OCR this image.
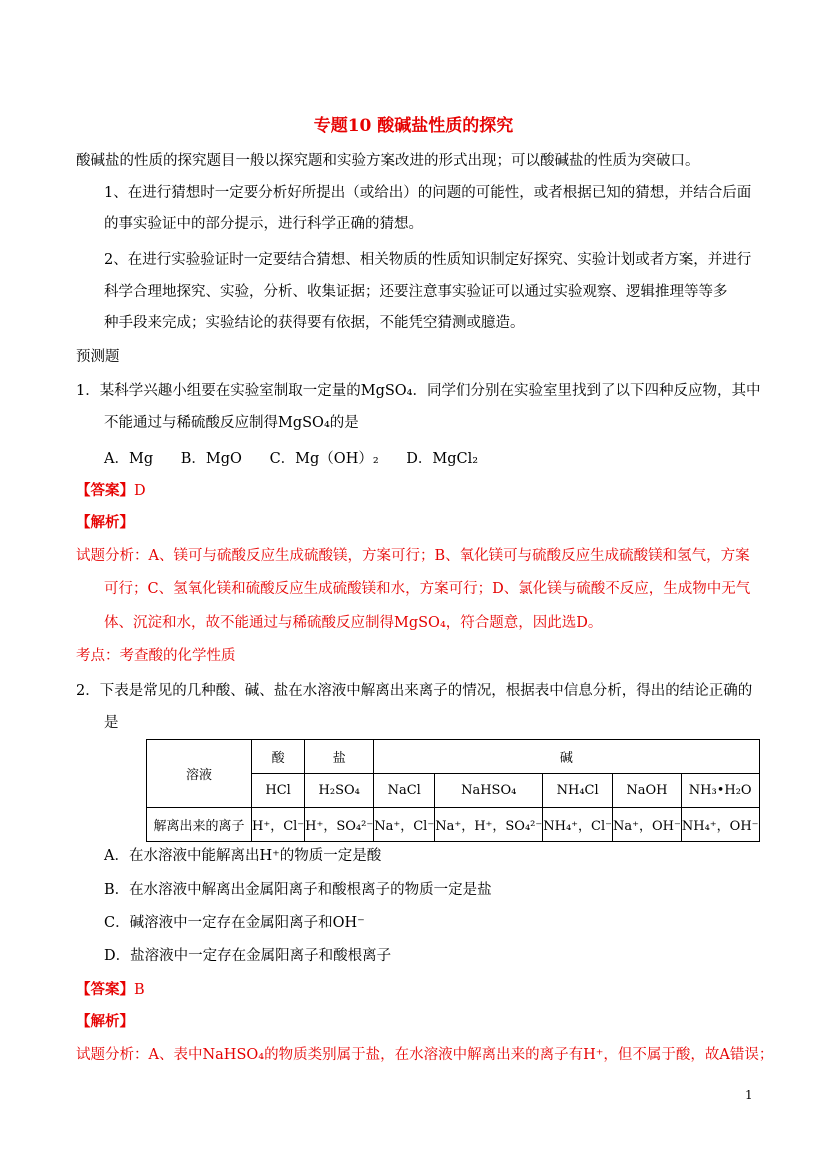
专题10 酸碱盐性质的探究
酸碱盐的性质的探究题目一般以探究题和实验方案改进的形式出现；可以酸碱盐的性质为突破口。
1、在进行猜想时一定要分析好所提出（或给出）的问题的可能性，或者根据已知的猜想，并结合后面
的事实验证中的部分提示，进行科学正确的猜想。
2、在进行实验验证时一定要结合猜想、相关物质的性质知识制定好探究、实验计划或者方案，并进行
科学合理地探究、实验，分析、收集证据；还要注意事实验证可以通过实验观察、逻辑推理等等多
种手段来完成；实验结论的获得要有依据，不能凭空猜测或臆造。
预测题
1．某科学兴趣小组要在实验室制取一定量的MgSO₄．同学们分别在实验室里找到了以下四种反应物，其中
不能通过与稀硫酸反应制得MgSO₄的是
A．Mg      B．MgO      C．Mg（OH）₂      D．MgCl₂
【答案】D
【解析】
试题分析：A、镁可与硫酸反应生成硫酸镁，方案可行；B、氧化镁可与硫酸反应生成硫酸镁和氢气，方案
可行；C、氢氧化镁和硫酸反应生成硫酸镁和水，方案可行；D、氯化镁与硫酸不反应，生成物中无气
体、沉淀和水，故不能通过与稀硫酸反应制得MgSO₄，符合题意，因此选D。
考点：考查酸的化学性质
2．下表是常见的几种酸、碱、盐在水溶液中解离出来离子的情况，根据表中信息分析，得出的结论正确的
是
溶液	酸	盐	碱				
	HCl	H₂SO₄	NaCl	NaHSO₄	NH₄Cl	NaOH	NH₃•H₂O
解离出来的离子	H⁺，Cl⁻	H⁺，SO₄²⁻	Na⁺，Cl⁻	Na⁺，H⁺，SO₄²⁻	NH₄⁺，Cl⁻	Na⁺，OH⁻	NH₄⁺，OH⁻
A．在水溶液中能解离出H⁺的物质一定是酸
B．在水溶液中解离出金属阳离子和酸根离子的物质一定是盐
C．碱溶液中一定存在金属阳离子和OH⁻
D．盐溶液中一定存在金属阳离子和酸根离子
【答案】B
【解析】
试题分析：A、表中NaHSO₄的物质类别属于盐，在水溶液中解离出来的离子有H⁺，但不属于酸，故A错误；
1
